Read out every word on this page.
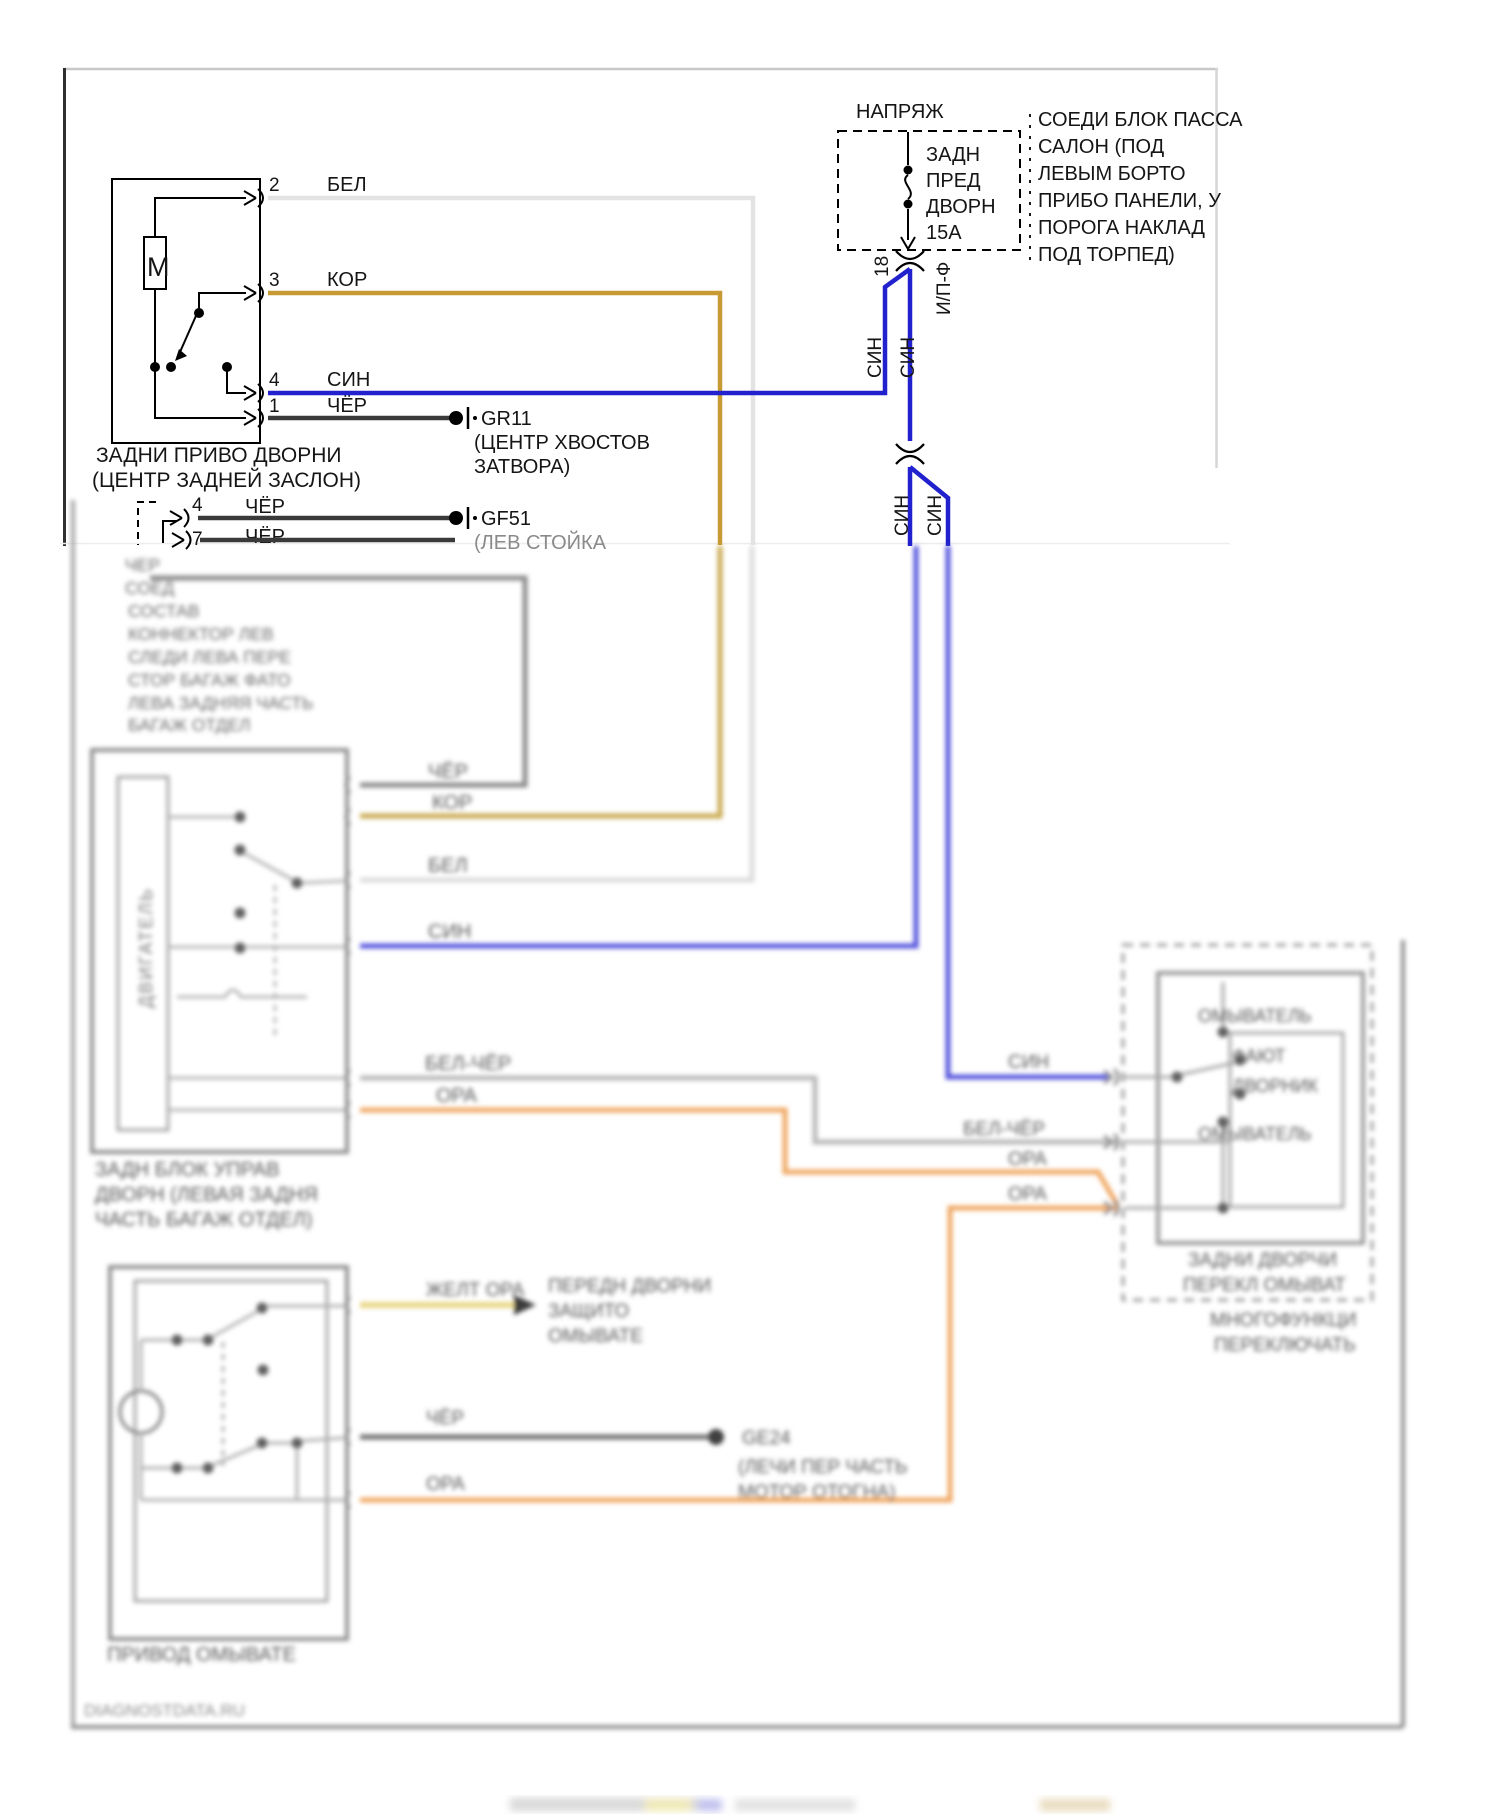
М
2
3
4
1
БЕЛ
КОР
СИН
ЧЁР
GR11
(ЦЕНТР ХВОСТОВ
ЗАТВОРА)
ЗАДНИ ПРИВО ДВОРНИ
(ЦЕНТР ЗАДНЕЙ ЗАСЛОН)
4
7
ЧЁР
ЧЁР
GF51
(ЛЕВ СТОЙКА
НАПРЯЖ
ЗАДН
ПРЕД
ДВОРН
15А
СОЕДИ БЛОК ПАССА
САЛОН (ПОД
ЛЕВЫМ БОРТО
ПРИБО ПАНЕЛИ, У
ПОРОГА НАКЛАД
ПОД ТОРПЕД)
18 И/П-Ф
СИН СИН
СИН СИН
ЧЕР
СОЕД
СОСТАВ
КОННЕКТОР ЛЕВ
СЛЕДИ ЛЕВА ПЕРЕ
СТОР БАГАЖ ФАТО
ЛЕВА ЗАДНЯЯ ЧАСТЬ
БАГАЖ ОТДЕЛ
ДВИГАТЕЛЬ
ЗАДН БЛОК УПРАВ
ДВОРН (ЛЕВАЯ ЗАДНЯ
ЧАСТЬ БАГАЖ ОТДЕЛ)
ЧЁР
КОР
БЕЛ
СИН
БЕЛ-ЧЁР
ОРА
СИН
БЕЛ-ЧЁР
ОРА
ОРА
ОМЫВАТЕЛЬ
ФАЮТ
ДВОРНИК
ОМЫВАТЕЛЬ
ЗАДНИ ДВОРЧИ
ПЕРЕКЛ ОМЫВАТ
МНОГОФУНКЦИ
ПЕРЕКЛЮЧАТЬ
ПРИВОД ОМЫВАТЕ
ЖЕЛТ ОРА ПЕРЕДН ДВОРНИ
ЗАЩИТО
ОМЫВАТЕ
ЧЁР
GE24
(ЛЕЧИ ПЕР ЧАСТЬ
МОТОР ОТОГНА)
ОРА
DIAGNOSTDATA.RU
